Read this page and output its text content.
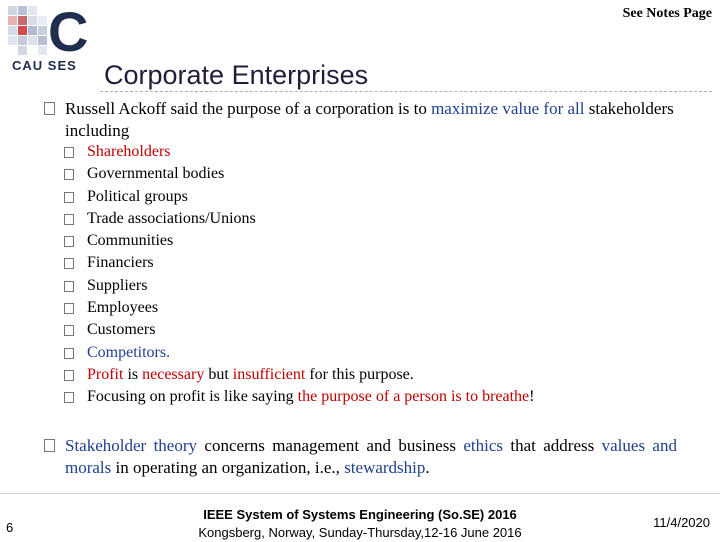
C
CAU SES
See Notes Page
Corporate Enterprises
Russell Ackoff said the purpose of a corporation is to maximize value for all stakeholders including
Shareholders
Governmental bodies
Political groups
Trade associations/Unions
Communities
Financiers
Suppliers
Employees
Customers
Competitors.
Profit is necessary but insufficient for this purpose.
Focusing on profit is like saying the purpose of a person is to breathe!
Stakeholder theory concerns management and business ethics that address values and morals in operating an organization, i.e., stewardship.
6
IEEE System of Systems Engineering (So.SE) 2016
Kongsberg, Norway, Sunday-Thursday,12-16 June 2016
11/4/2020
